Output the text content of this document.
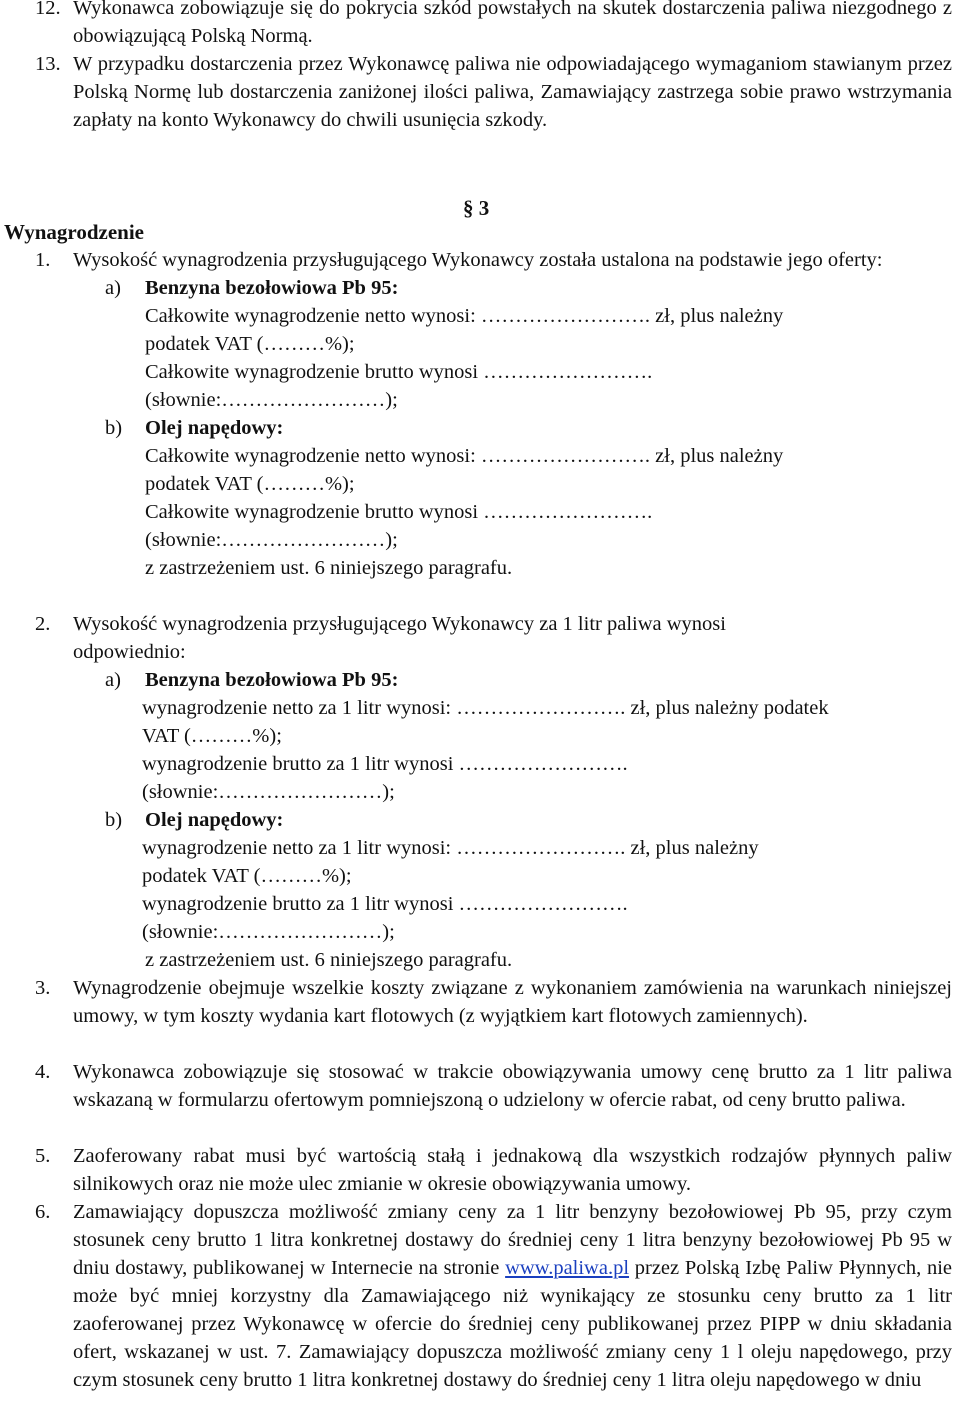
12. Wykonawca zobowiązuje się do pokrycia szkód powstałych na skutek dostarczenia paliwa niezgodnego z obowiązującą Polską Normą.
13. W przypadku dostarczenia przez Wykonawcę paliwa nie odpowiadającego wymaganiom stawianym przez Polską Normę lub dostarczenia zaniżonej ilości paliwa, Zamawiający zastrzega sobie prawo wstrzymania zapłaty na konto Wykonawcy do chwili usunięcia szkody.
§ 3
Wynagrodzenie
1. Wysokość wynagrodzenia przysługującego Wykonawcy została ustalona na podstawie jego oferty:
a) Benzyna bezołowiowa Pb 95:
Całkowite wynagrodzenie netto wynosi: ……………………. zł, plus należny
podatek VAT (………%);
Całkowite wynagrodzenie brutto wynosi …………………….
(słownie:……………………);
b) Olej napędowy:
Całkowite wynagrodzenie netto wynosi: ……………………. zł, plus należny
podatek VAT (………%);
Całkowite wynagrodzenie brutto wynosi …………………….
(słownie:……………………);
z zastrzeżeniem ust. 6 niniejszego paragrafu.
2. Wysokość wynagrodzenia przysługującego Wykonawcy za 1 litr paliwa wynosi
odpowiednio:
a) Benzyna bezołowiowa Pb 95:
wynagrodzenie netto za 1 litr wynosi: ……………………. zł, plus należny podatek
VAT (………%);
wynagrodzenie brutto za 1 litr wynosi …………………….
(słownie:……………………);
b) Olej napędowy:
wynagrodzenie netto za 1 litr wynosi: ……………………. zł, plus należny
podatek VAT (………%);
wynagrodzenie brutto za 1 litr wynosi …………………….
(słownie:……………………);
z zastrzeżeniem ust. 6 niniejszego paragrafu.
3. Wynagrodzenie obejmuje wszelkie koszty związane z wykonaniem zamówienia na warunkach niniejszej umowy, w tym koszty wydania kart flotowych (z wyjątkiem kart flotowych zamiennych).
4. Wykonawca zobowiązuje się stosować w trakcie obowiązywania umowy cenę brutto za 1 litr paliwa wskazaną w formularzu ofertowym pomniejszoną o udzielony w ofercie rabat, od ceny brutto paliwa.
5. Zaoferowany rabat musi być wartością stałą i jednakową dla wszystkich rodzajów płynnych paliw silnikowych oraz nie może ulec zmianie w okresie obowiązywania umowy.
6. Zamawiający dopuszcza możliwość zmiany ceny za 1 litr benzyny bezołowiowej Pb 95, przy czym stosunek ceny brutto 1 litra konkretnej dostawy do średniej ceny 1 litra benzyny bezołowiowej Pb 95 w dniu dostawy, publikowanej w Internecie na stronie www.paliwa.pl przez Polską Izbę Paliw Płynnych, nie może być mniej korzystny dla Zamawiającego niż wynikający ze stosunku ceny brutto za 1 litr zaoferowanej przez Wykonawcę w ofercie do średniej ceny publikowanej przez PIPP w dniu składania ofert, wskazanej w ust. 7. Zamawiający dopuszcza możliwość zmiany ceny 1 l oleju napędowego, przy czym stosunek ceny brutto 1 litra konkretnej dostawy do średniej ceny 1 litra oleju napędowego w dniu
